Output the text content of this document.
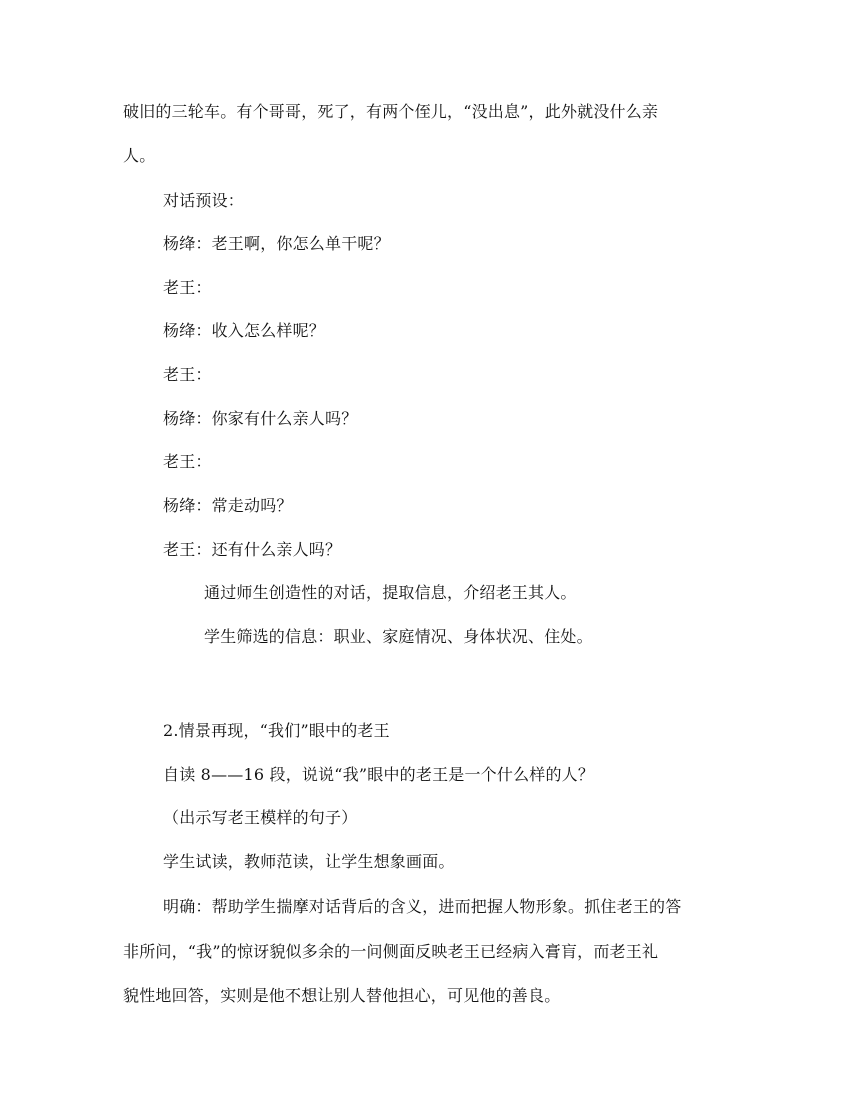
破旧的三轮车。有个哥哥，死了，有两个侄儿，“没出息”，此外就没什么亲
人。
对话预设：
杨绛：老王啊，你怎么单干呢？
老王：
杨绛：收入怎么样呢？
老王：
杨绛：你家有什么亲人吗？
老王：
杨绛：常走动吗？
老王：还有什么亲人吗？
通过师生创造性的对话，提取信息，介绍老王其人。
学生筛选的信息：职业、家庭情况、身体状况、住处。
2.情景再现，“我们”眼中的老王
自读 8——16 段，说说“我”眼中的老王是一个什么样的人？
（出示写老王模样的句子）
学生试读，教师范读，让学生想象画面。
明确：帮助学生揣摩对话背后的含义，进而把握人物形象。抓住老王的答
非所问，“我”的惊讶貌似多余的一问侧面反映老王已经病入膏肓，而老王礼
貌性地回答，实则是他不想让别人替他担心，可见他的善良。
